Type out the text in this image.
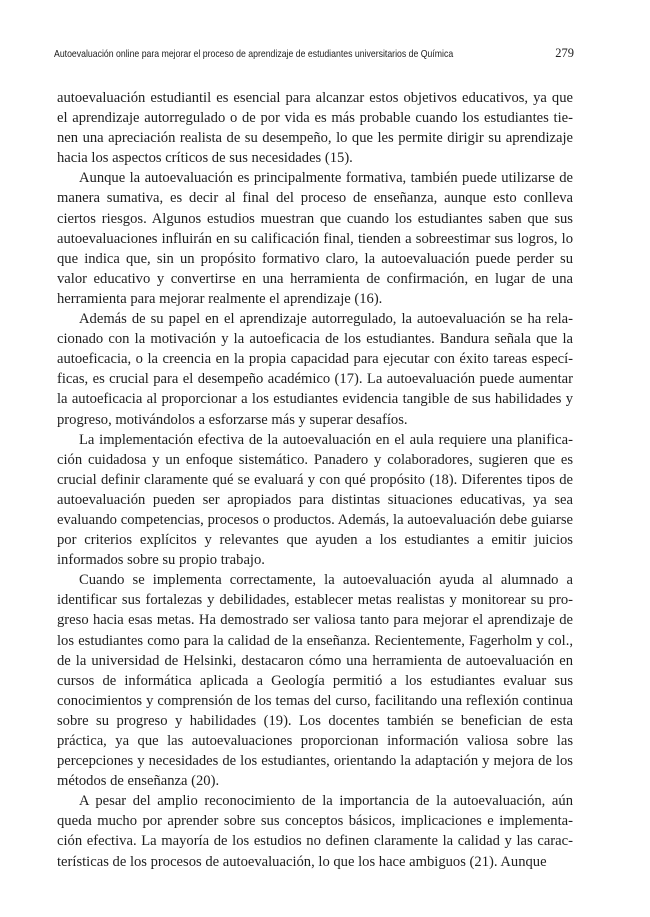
Autoevaluación online para mejorar el proceso de aprendizaje de estudiantes universitarios de Química	279

autoevaluación estudiantil es esencial para alcanzar estos objetivos educativos, ya que el aprendizaje autorregulado o de por vida es más probable cuando los estudiantes tienen una apreciación realista de su desempeño, lo que les permite dirigir su aprendizaje hacia los aspectos críticos de sus necesidades (15).

Aunque la autoevaluación es principalmente formativa, también puede utilizarse de manera sumativa, es decir al final del proceso de enseñanza, aunque esto conlleva ciertos riesgos. Algunos estudios muestran que cuando los estudiantes saben que sus autoevaluaciones influirán en su calificación final, tienden a sobreestimar sus logros, lo que indica que, sin un propósito formativo claro, la autoevaluación puede perder su valor educativo y convertirse en una herramienta de confirmación, en lugar de una herramienta para mejorar realmente el aprendizaje (16).

Además de su papel en el aprendizaje autorregulado, la autoevaluación se ha relacionado con la motivación y la autoeficacia de los estudiantes. Bandura señala que la autoeficacia, o la creencia en la propia capacidad para ejecutar con éxito tareas específicas, es crucial para el desempeño académico (17). La autoevaluación puede aumentar la autoeficacia al proporcionar a los estudiantes evidencia tangible de sus habilidades y progreso, motivándolos a esforzarse más y superar desafíos.

La implementación efectiva de la autoevaluación en el aula requiere una planificación cuidadosa y un enfoque sistemático. Panadero y colaboradores, sugieren que es crucial definir claramente qué se evaluará y con qué propósito (18). Diferentes tipos de autoevaluación pueden ser apropiados para distintas situaciones educativas, ya sea evaluando competencias, procesos o productos. Además, la autoevaluación debe guiarse por criterios explícitos y relevantes que ayuden a los estudiantes a emitir juicios informados sobre su propio trabajo.

Cuando se implementa correctamente, la autoevaluación ayuda al alumnado a identificar sus fortalezas y debilidades, establecer metas realistas y monitorear su progreso hacia esas metas. Ha demostrado ser valiosa tanto para mejorar el aprendizaje de los estudiantes como para la calidad de la enseñanza. Recientemente, Fagerholm y col., de la universidad de Helsinki, destacaron cómo una herramienta de autoevaluación en cursos de informática aplicada a Geología permitió a los estudiantes evaluar sus conocimientos y comprensión de los temas del curso, facilitando una reflexión continua sobre su progreso y habilidades (19). Los docentes también se benefician de esta práctica, ya que las autoevaluaciones proporcionan información valiosa sobre las percepciones y necesidades de los estudiantes, orientando la adaptación y mejora de los métodos de enseñanza (20).

A pesar del amplio reconocimiento de la importancia de la autoevaluación, aún queda mucho por aprender sobre sus conceptos básicos, implicaciones e implementación efectiva. La mayoría de los estudios no definen claramente la calidad y las características de los procesos de autoevaluación, lo que los hace ambiguos (21). Aunque
